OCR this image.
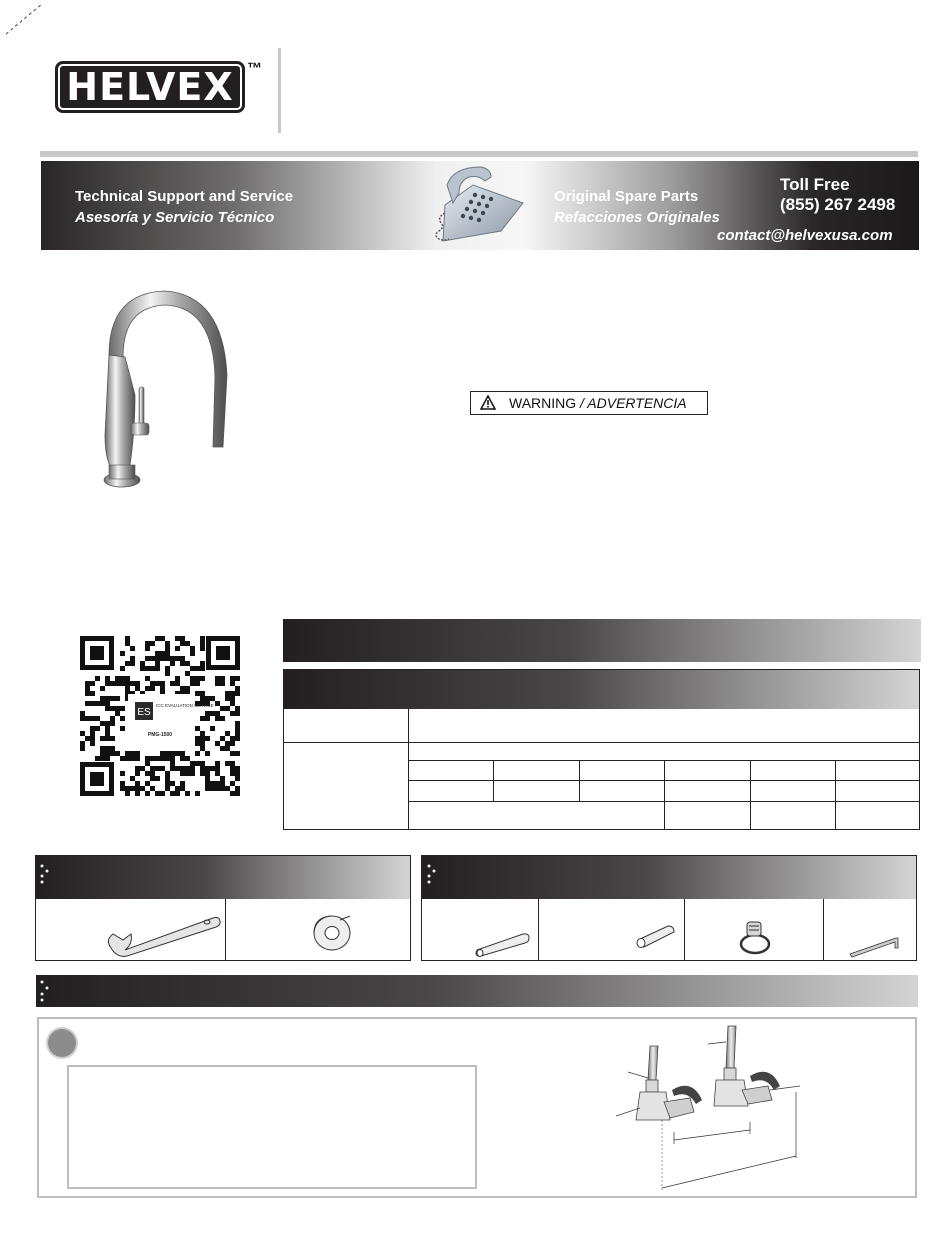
HELVEX ™
Technical Support and Service
Asesoría y Servicio Técnico
Original Spare Parts
Refacciones Originales
Toll Free
(855) 267 2498
contact@helvexusa.com
WARNING / ADVERTENCIA
ES
ICC EVALUATION SERVICE
PMG-1500
